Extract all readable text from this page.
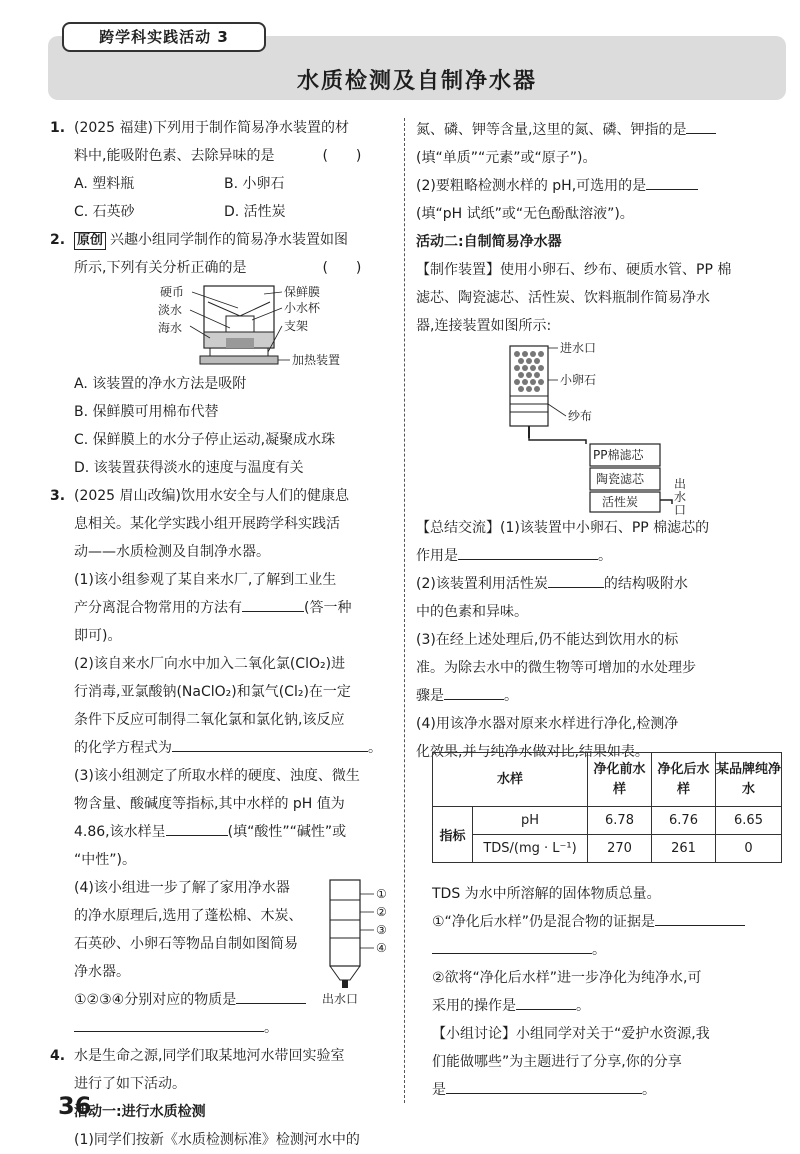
跨学科实践活动 3
水质检测及自制净水器
1. (2025 福建)下列用于制作简易净水装置的材
料中,能吸附色素、去除异味的是	(　　)
A. 塑料瓶	B. 小卵石
C. 石英砂	D. 活性炭
2. 原创 兴趣小组同学制作的简易净水装置如图
所示,下列有关分析正确的是	(　　)
硬币
淡水
海水
保鲜膜
小水杯
支架
加热装置
A. 该装置的净水方法是吸附
B. 保鲜膜可用棉布代替
C. 保鲜膜上的水分子停止运动,凝聚成水珠
D. 该装置获得淡水的速度与温度有关
3. (2025 眉山改编)饮用水安全与人们的健康息
息相关。某化学实践小组开展跨学科实践活
动——水质检测及自制净水器。
(1)该小组参观了某自来水厂,了解到工业生
产分离混合物常用的方法有	(答一种
即可)。
(2)该自来水厂向水中加入二氧化氯(ClO₂)进
行消毒,亚氯酸钠(NaClO₂)和氯气(Cl₂)在一定
条件下反应可制得二氧化氯和氯化钠,该反应
的化学方程式为	。
(3)该小组测定了所取水样的硬度、浊度、微生
物含量、酸碱度等指标,其中水样的 pH 值为
4.86,该水样呈	(填“酸性”“碱性”或
“中性”)。
(4)该小组进一步了解了家用净水器
的净水原理后,选用了蓬松棉、木炭、
石英砂、小卵石等物品自制如图简易
净水器。
①②③④分别对应的物质是
。
①
②
③
④
出水口
4. 水是生命之源,同学们取某地河水带回实验室
进行了如下活动。
活动一:进行水质检测
(1)同学们按新《水质检测标准》检测河水中的
氮、磷、钾等含量,这里的氮、磷、钾指的是
(填“单质”“元素”或“原子”)。
(2)要粗略检测水样的 pH,可选用的是
(填“pH 试纸”或“无色酚酞溶液”)。
活动二:自制简易净水器
【制作装置】使用小卵石、纱布、硬质水管、PP 棉
滤芯、陶瓷滤芯、活性炭、饮料瓶制作简易净水
器,连接装置如图所示:
进水口
小卵石
纱布
PP棉滤芯
陶瓷滤芯
活性炭
出
水
口
【总结交流】(1)该装置中小卵石、PP 棉滤芯的
作用是	。
(2)该装置利用活性炭	的结构吸附水
中的色素和异味。
(3)在经上述处理后,仍不能达到饮用水的标
准。为除去水中的微生物等可增加的水处理步
骤是	。
(4)用该净水器对原来水样进行净化,检测净
化效果,并与纯净水做对比,结果如表。
水样		净化前水样	净化后水样	某品牌纯净水
指标	pH	6.78	6.76	6.65
	TDS/(mg · L⁻¹)	270	261	0
TDS 为水中所溶解的固体物质总量。
①“净化后水样”仍是混合物的证据是
。
②欲将“净化后水样”进一步净化为纯净水,可
采用的操作是	。
【小组讨论】小组同学对关于“爱护水资源,我
们能做哪些”为主题进行了分享,你的分享
是	。
36
